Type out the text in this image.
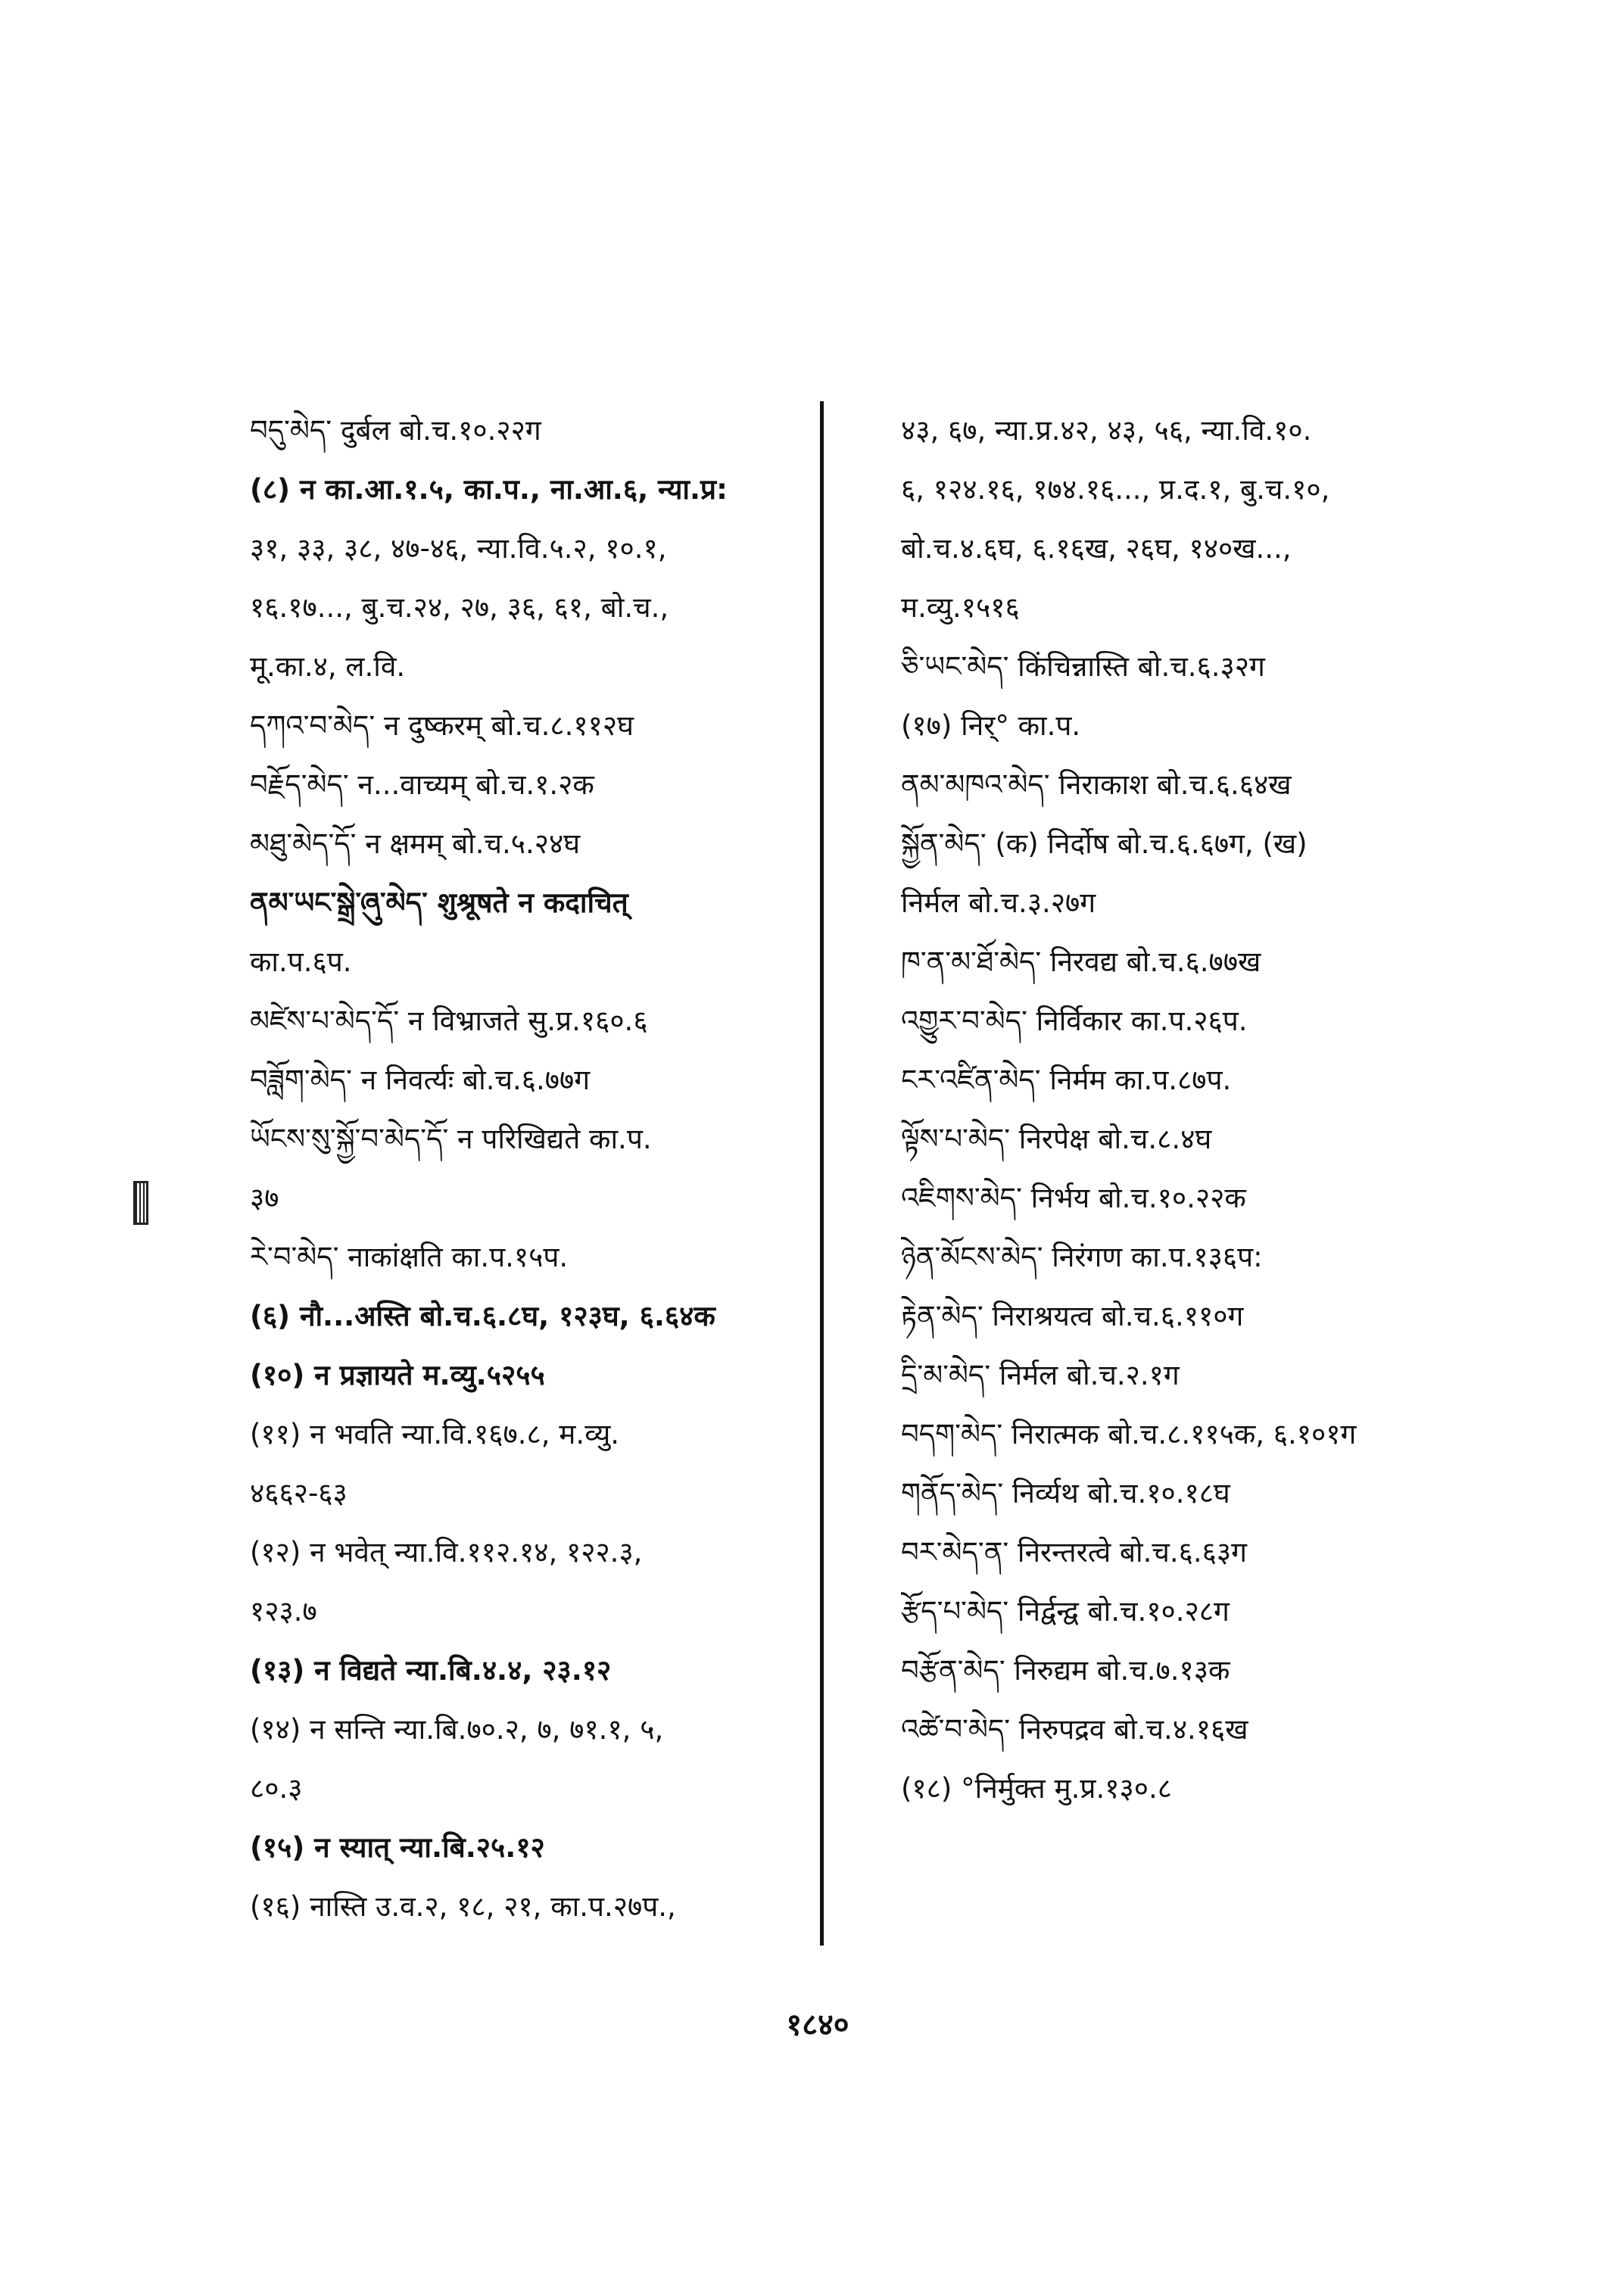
བདུ་མེད་ दुर्बल बो.च.१०.२२ग
(८) न का.आ.१.५, का.प., ना.आ.६, न्या.प्र:
३१, ३३, ३८, ४७-४६, न्या.वि.५.२, १०.१,
१६.१७..., बु.च.२४, २७, ३६, ६१, बो.च.,
मू.का.४, ल.वि.
དཀའ་བ་མེད་ न दुष्करम् बो.च.८.११२घ
བརྗོད་མེད་ न...वाच्यम् बो.च.१.२क
མཐུ་མེད་དོ་ न क्षमम् बो.च.५.२४घ
ནམ་ཡང་སྒྲེ་ཞུ་མེད་ शुश्रूषते न कदाचित्
का.प.६प.
མཛེས་པ་མེད་དོ་ न विभ्राजते सु.प्र.१६०.६
བཟློག་མེད་ न निवर्त्यः बो.च.६.७७ग
ཡོངས་སུ་སྐྱོ་བ་མེད་དོ་ न परिखिद्यते का.प.
३७
རེ་བ་མེད་ नाकांक्षति का.प.१५प.
(६) नौ...अस्ति बो.च.६.८घ, १२३घ, ६.६४क
(१०) न प्रज्ञायते म.व्यु.५२५५
(११) न भवति न्या.वि.१६७.८, म.व्यु.
४६६२-६३
(१२) न भवेत् न्या.वि.११२.१४, १२२.३,
१२३.७
(१३) न विद्यते न्या.बि.४.४, २३.१२
(१४) न सन्ति न्या.बि.७०.२, ७, ७१.१, ५,
८०.३
(१५) न स्यात् न्या.बि.२५.१२
(१६) नास्ति उ.व.२, १८, २१, का.प.२७प.,
४३, ६७, न्या.प्र.४२, ४३, ५६, न्या.वि.१०.
६, १२४.१६, १७४.१६..., प्र.द.१, बु.च.१०,
बो.च.४.६घ, ६.१६ख, २६घ, १४०ख...,
म.व्यु.१५१६
ཅི་ཡང་མེད་ किंचिन्नास्ति बो.च.६.३२ग
(१७) निर्° का.प.
ནམ་མཁའ་མེད་ निराकाश बो.च.६.६४ख
སྐྱོན་མེད་ (क) निर्दोष बो.च.६.६७ग, (ख)
निर्मल बो.च.३.२७ग
ཁ་ན་མ་ཐོ་མེད་ निरवद्य बो.च.६.७७ख
འགྱུར་བ་མེད་ निर्विकार का.प.२६प.
ངར་འཛིན་མེད་ निर्मम का.प.८७प.
ལྟོས་པ་མེད་ निरपेक्ष बो.च.८.४घ
འཇིགས་མེད་ निर्भय बो.च.१०.२२क
ཉེན་མོངས་མེད་ निरंगण का.प.१३६प:
རྟེན་མེད་ निराश्रयत्व बो.च.६.११०ग
དྲི་མ་མེད་ निर्मल बो.च.२.१ग
བདག་མེད་ निरात्मक बो.च.८.११५क, ६.१०१ग
གནོད་མེད་ निर्व्यथ बो.च.१०.१८घ
བར་མེད་ན་ निरन्तरत्वे बो.च.६.६३ग
རྩོད་པ་མེད་ निर्द्वन्द्व बो.च.१०.२८ग
བརྩོན་མེད་ निरुद्यम बो.च.७.१३क
འཚེ་བ་མེད་ निरुपद्रव बो.च.४.१६ख
(१८) °निर्मुक्त मु.प्र.१३०.८
१८४०
